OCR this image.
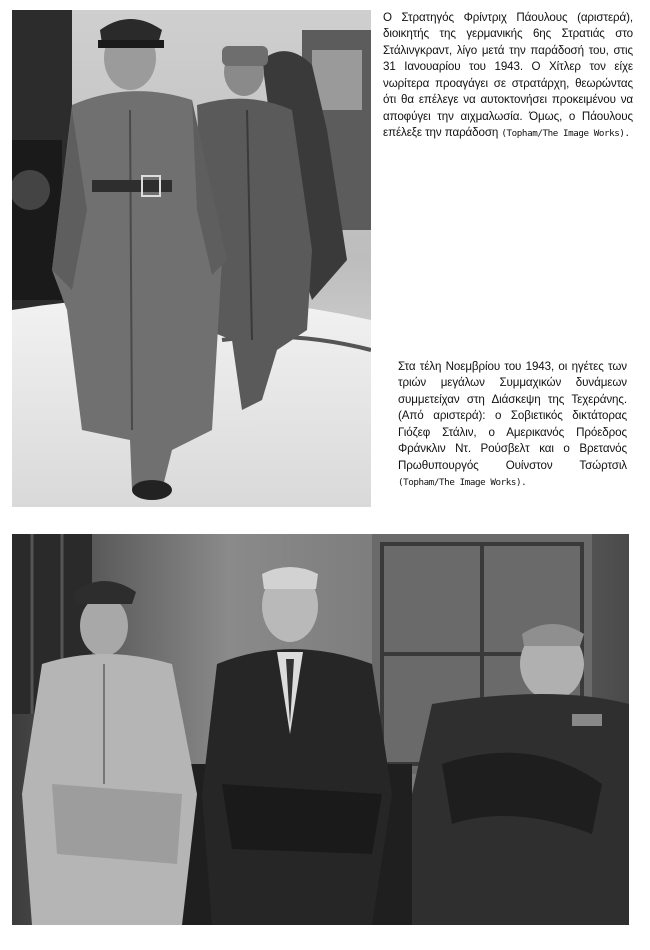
Ο Στρατηγός Φρίντριχ Πάουλους (αριστερά), διοικητής της γερμανικής 6ης Στρατιάς στο Στάλινγκραντ, λίγο μετά την παράδοσή του, στις 31 Ιανουαρίου του 1943. Ο Χίτλερ τον είχε νωρίτερα προαγάγει σε στρατάρχη, θεωρώντας ότι θα επέλεγε να αυτοκτονήσει προκειμένου να αποφύγει την αιχμαλωσία. Όμως, ο Πάουλους επέλεξε την παράδοση (Topham/The Image Works).

Στα τέλη Νοεμβρίου του 1943, οι ηγέτες των τριών μεγάλων Συμμαχικών δυνάμεων συμμετείχαν στη Διάσκεψη της Τεχεράνης. (Από αριστερά): ο Σοβιετικός δικτάτορας Γιόζεφ Στάλιν, ο Αμερικανός Πρόεδρος Φράνκλιν Ντ. Ρούσβελτ και ο Βρετανός Πρωθυπουργός Ουίνστον Τσώρτσιλ (Topham/The Image Works).
